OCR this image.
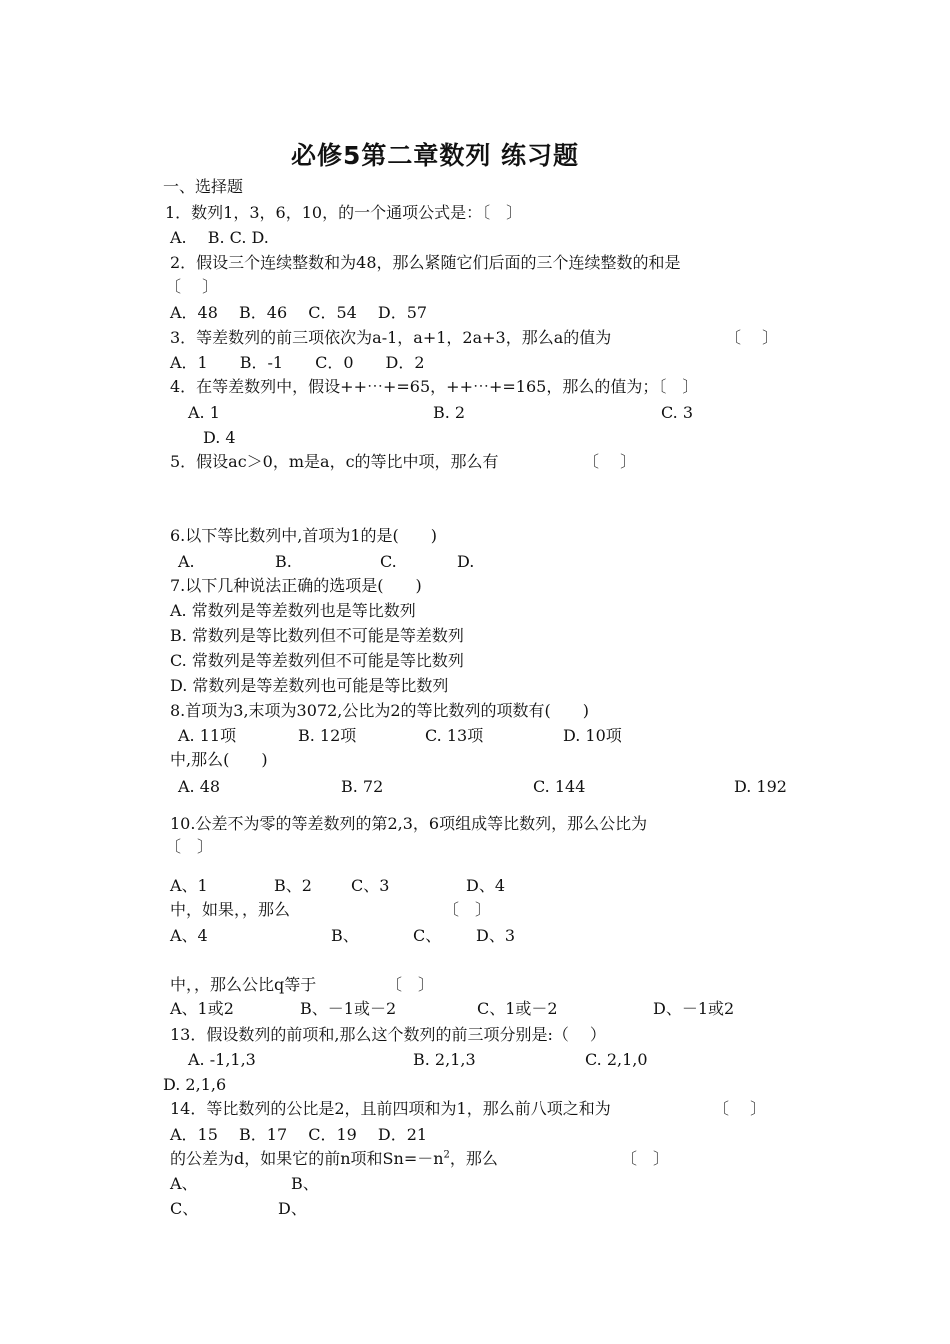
必修5第二章数列 练习题
一、选择题
1．数列1，3，6，10，的一个通项公式是：〔　〕
A.　 B. C. D.
2．假设三个连续整数和为48，那么紧随它们后面的三个连续整数的和是
〔　 〕
A．48　 B．46　 C．54　 D．57
3．等差数列的前三项依次为a-1，a+1，2a+3，那么a的值为	〔　 〕
A．1　　B．-1　　C．0　　D．2
4．在等差数列中，假设++⋯+=65，++⋯+=165，那么的值为；〔　〕
A. 1	B. 2	C. 3
D. 4
5．假设ac＞0，m是a，c的等比中项，那么有	〔　 〕
6.以下等比数列中,首项为1的是(　　)
A.	B.	C.	D.
7.以下几种说法正确的选项是(　　)
A. 常数列是等差数列也是等比数列
B. 常数列是等比数列但不可能是等差数列
C. 常数列是等差数列但不可能是等比数列
D. 常数列是等差数列也可能是等比数列
8.首项为3,末项为3072,公比为2的等比数列的项数有(　　)
A. 11项	B. 12项	C. 13项	D. 10项
中,那么(　　)
A. 48	B. 72	C. 144	D. 192
10.公差不为零的等差数列的第2,3，6项组成等比数列，那么公比为
〔　〕
A、1	B、2 C、3	D、4
中，如果，，那么	〔　〕
A、4	B、	C、 D、3
中，，那么公比q等于	〔　〕
A、1或2	B、－1或－2	C、1或－2	D、－1或2
13．假设数列的前项和,那么这个数列的前三项分别是:（　 ）
A. -1,1,3	B. 2,1,3	C. 2,1,0
D. 2,1,6
14．等比数列的公比是2，且前四项和为1，那么前八项之和为	〔　 〕
A．15　 B．17　 C．19　 D．21
的公差为d，如果它的前n项和$Sn=-n^2$，那么	〔　〕
A、	B、
C、	D、
